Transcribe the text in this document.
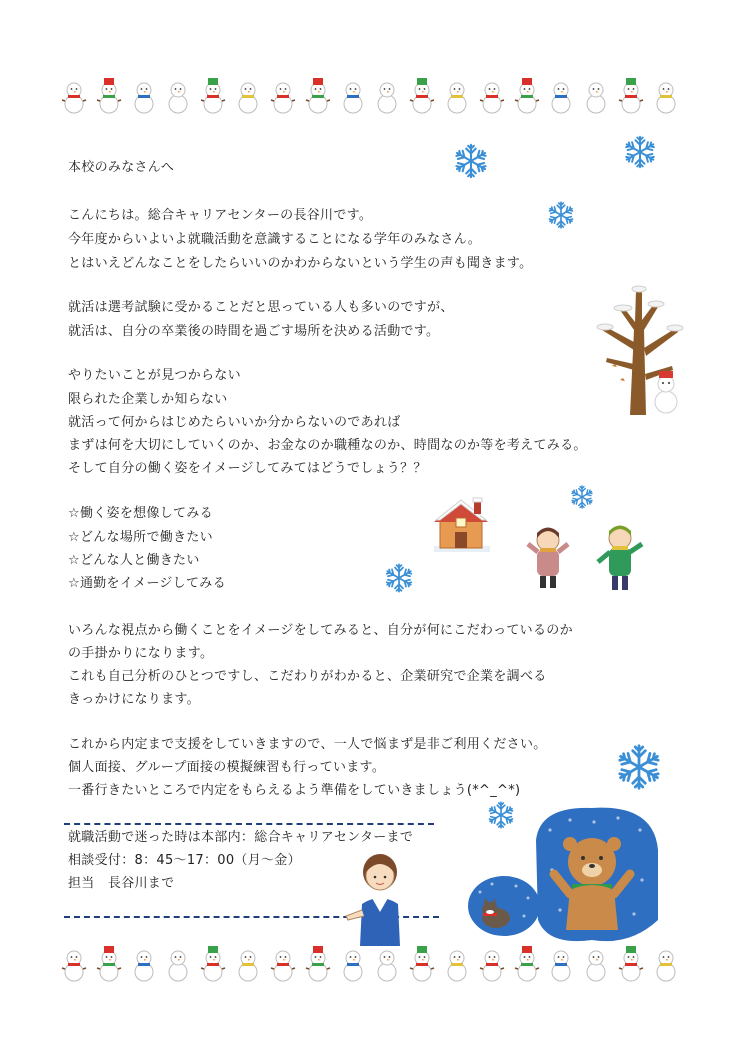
本校のみなさんへ
こんにちは。総合キャリアセンターの長谷川です。
今年度からいよいよ就職活動を意識することになる学年のみなさん。
とはいえどんなことをしたらいいのかわからないという学生の声も聞きます。
就活は選考試験に受かることだと思っている人も多いのですが、
就活は、自分の卒業後の時間を過ごす場所を決める活動です。
やりたいことが見つからない
限られた企業しか知らない
就活って何からはじめたらいいか分からないのであれば
まずは何を大切にしていくのか、お金なのか職種なのか、時間なのか等を考えてみる。
そして自分の働く姿をイメージしてみてはどうでしょう？？
☆働く姿を想像してみる
☆どんな場所で働きたい
☆どんな人と働きたい
☆通勤をイメージしてみる
いろんな視点から働くことをイメージをしてみると、自分が何にこだわっているのか
の手掛かりになります。
これも自己分析のひとつですし、こだわりがわかると、企業研究で企業を調べる
きっかけになります。
これから内定まで支援をしていきますので、一人で悩まず是非ご利用ください。
個人面接、グループ面接の模擬練習も行っています。
一番行きたいところで内定をもらえるよう準備をしていきましょう(*^_^*)
就職活動で迷った時は本部内：総合キャリアセンターまで
相談受付：8：45～17：00（月～金）
担当　長谷川まで
